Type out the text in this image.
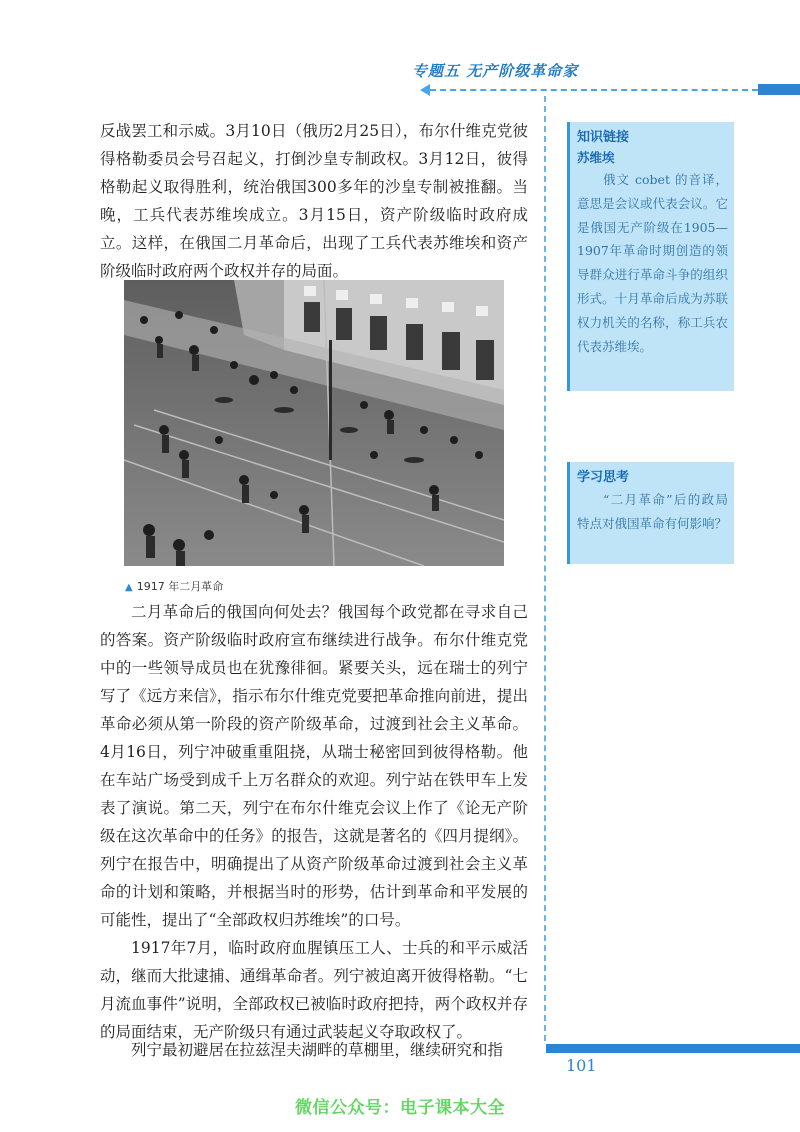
专题五 无产阶级革命家

反战罢工和示威。3月10日（俄历2月25日），布尔什维克党彼得格勒委员会号召起义，打倒沙皇专制政权。3月12日，彼得格勒起义取得胜利，统治俄国300多年的沙皇专制被推翻。当晚，工兵代表苏维埃成立。3月15日，资产阶级临时政府成立。这样，在俄国二月革命后，出现了工兵代表苏维埃和资产阶级临时政府两个政权并存的局面。

▲ 1917 年二月革命

二月革命后的俄国向何处去？俄国每个政党都在寻求自己的答案。资产阶级临时政府宣布继续进行战争。布尔什维克党中的一些领导成员也在犹豫徘徊。紧要关头，远在瑞士的列宁写了《远方来信》，指示布尔什维克党要把革命推向前进，提出革命必须从第一阶段的资产阶级革命，过渡到社会主义革命。4月16日，列宁冲破重重阻挠，从瑞士秘密回到彼得格勒。他在车站广场受到成千上万名群众的欢迎。列宁站在铁甲车上发表了演说。第二天，列宁在布尔什维克会议上作了《论无产阶级在这次革命中的任务》的报告，这就是著名的《四月提纲》。列宁在报告中，明确提出了从资产阶级革命过渡到社会主义革命的计划和策略，并根据当时的形势，估计到革命和平发展的可能性，提出了“全部政权归苏维埃”的口号。

1917年7月，临时政府血腥镇压工人、士兵的和平示威活动，继而大批逮捕、通缉革命者。列宁被迫离开彼得格勒。“七月流血事件”说明，全部政权已被临时政府把持，两个政权并存的局面结束，无产阶级只有通过武装起义夺取政权了。

列宁最初避居在拉兹涅夫湖畔的草棚里，继续研究和指

知识链接
苏维埃

俄文 cobet 的音译，意思是会议或代表会议。它是俄国无产阶级在1905—1907年革命时期创造的领导群众进行革命斗争的组织形式。十月革命后成为苏联权力机关的名称，称工兵农代表苏维埃。

学习思考

“二月革命”后的政局特点对俄国革命有何影响？

101
微信公众号：电子课本大全
